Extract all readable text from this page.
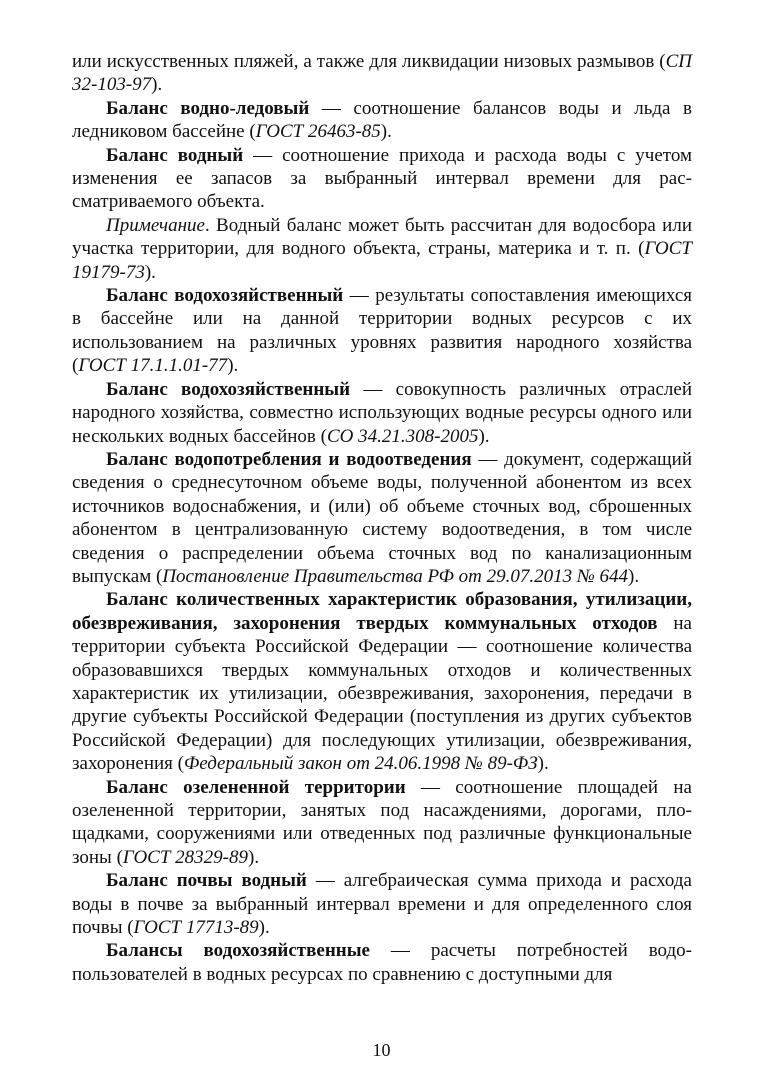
или искусственных пляжей, а также для ликвидации низовых размывов (СП 32-103-97).

Баланс водно-ледовый — соотношение балансов воды и льда в ледниковом бассейне (ГОСТ 26463-85).

Баланс водный — соотношение прихода и расхода воды с учетом изменения ее запасов за выбранный интервал времени для рассматриваемого объекта.

Примечание. Водный баланс может быть рассчитан для водосбора или участка территории, для водного объекта, страны, материка и т. п. (ГОСТ 19179-73).

Баланс водохозяйственный — результаты сопоставления имеющихся в бассейне или на данной территории водных ресурсов с их использованием на различных уровнях развития народного хозяйства (ГОСТ 17.1.1.01-77).

Баланс водохозяйственный — совокупность различных отраслей народного хозяйства, совместно использующих водные ресурсы одного или нескольких водных бассейнов (СО 34.21.308-2005).

Баланс водопотребления и водоотведения — документ, содержащий сведения о среднесуточном объеме воды, полученной абонентом из всех источников водоснабжения, и (или) об объеме сточных вод, сброшенных абонентом в централизованную систему водоотведения, в том числе сведения о распределении объема сточных вод по канализационным выпускам (Постановление Правительства РФ от 29.07.2013 № 644).

Баланс количественных характеристик образования, утилизации, обезвреживания, захоронения твердых коммунальных отходов на территории субъекта Российской Федерации — соотношение количества образовавшихся твердых коммунальных отходов и количественных характеристик их утилизации, обезвреживания, захоронения, передачи в другие субъекты Российской Федерации (поступления из других субъектов Российской Федерации) для последующих утилизации, обезвреживания, захоронения (Федеральный закон от 24.06.1998 № 89-ФЗ).

Баланс озелененной территории — соотношение площадей на озелененной территории, занятых под насаждениями, дорогами, площадками, сооружениями или отведенных под различные функциональные зоны (ГОСТ 28329-89).

Баланс почвы водный — алгебраическая сумма прихода и расхода воды в почве за выбранный интервал времени и для определенного слоя почвы (ГОСТ 17713-89).

Балансы водохозяйственные — расчеты потребностей водопользователей в водных ресурсах по сравнению с доступными для

10
